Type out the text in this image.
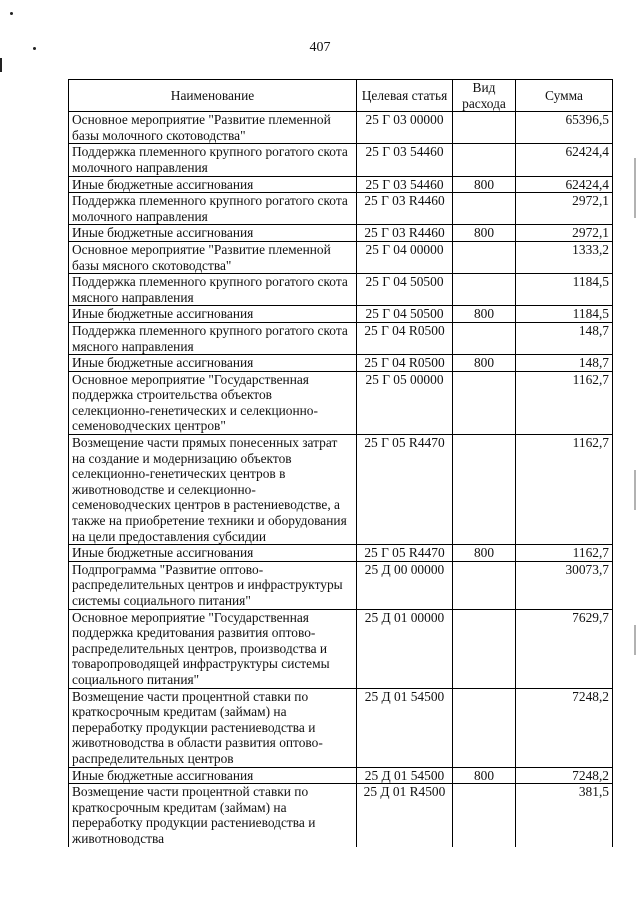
407
Наименование	Целевая статья	Вид расхода	Сумма
Основное мероприятие "Развитие племенной базы молочного скотоводства"	25 Г 03 00000		65396,5
Поддержка племенного крупного рогатого скота молочного направления	25 Г 03 54460		62424,4
Иные бюджетные ассигнования	25 Г 03 54460	800	62424,4
Поддержка племенного крупного рогатого скота молочного направления	25 Г 03 R4460		2972,1
Иные бюджетные ассигнования	25 Г 03 R4460	800	2972,1
Основное мероприятие "Развитие племенной базы мясного скотоводства"	25 Г 04 00000		1333,2
Поддержка племенного крупного рогатого скота мясного направления	25 Г 04 50500		1184,5
Иные бюджетные ассигнования	25 Г 04 50500	800	1184,5
Поддержка племенного крупного рогатого скота мясного направления	25 Г 04 R0500		148,7
Иные бюджетные ассигнования	25 Г 04 R0500	800	148,7
Основное мероприятие "Государственная поддержка строительства объектов селекционно-генетических и селекционно-семеноводческих центров"	25 Г 05 00000		1162,7
Возмещение части прямых понесенных затрат на создание и модернизацию объектов селекционно-генетических центров в животноводстве и селекционно-семеноводческих центров в растениеводстве, а также на приобретение техники и оборудования на цели предоставления субсидии	25 Г 05 R4470		1162,7
Иные бюджетные ассигнования	25 Г 05 R4470	800	1162,7
Подпрограмма "Развитие оптово-распределительных центров и инфраструктуры системы социального питания"	25 Д 00 00000		30073,7
Основное мероприятие "Государственная поддержка кредитования развития оптово-распределительных центров, производства и товаропроводящей инфраструктуры системы социального питания"	25 Д 01 00000		7629,7
Возмещение части процентной ставки по краткосрочным кредитам (займам) на переработку продукции растениеводства и животноводства в области развития оптово-распределительных центров	25 Д 01 54500		7248,2
Иные бюджетные ассигнования	25 Д 01 54500	800	7248,2
Возмещение части процентной ставки по краткосрочным кредитам (займам) на переработку продукции растениеводства и животноводства	25 Д 01 R4500		381,5
